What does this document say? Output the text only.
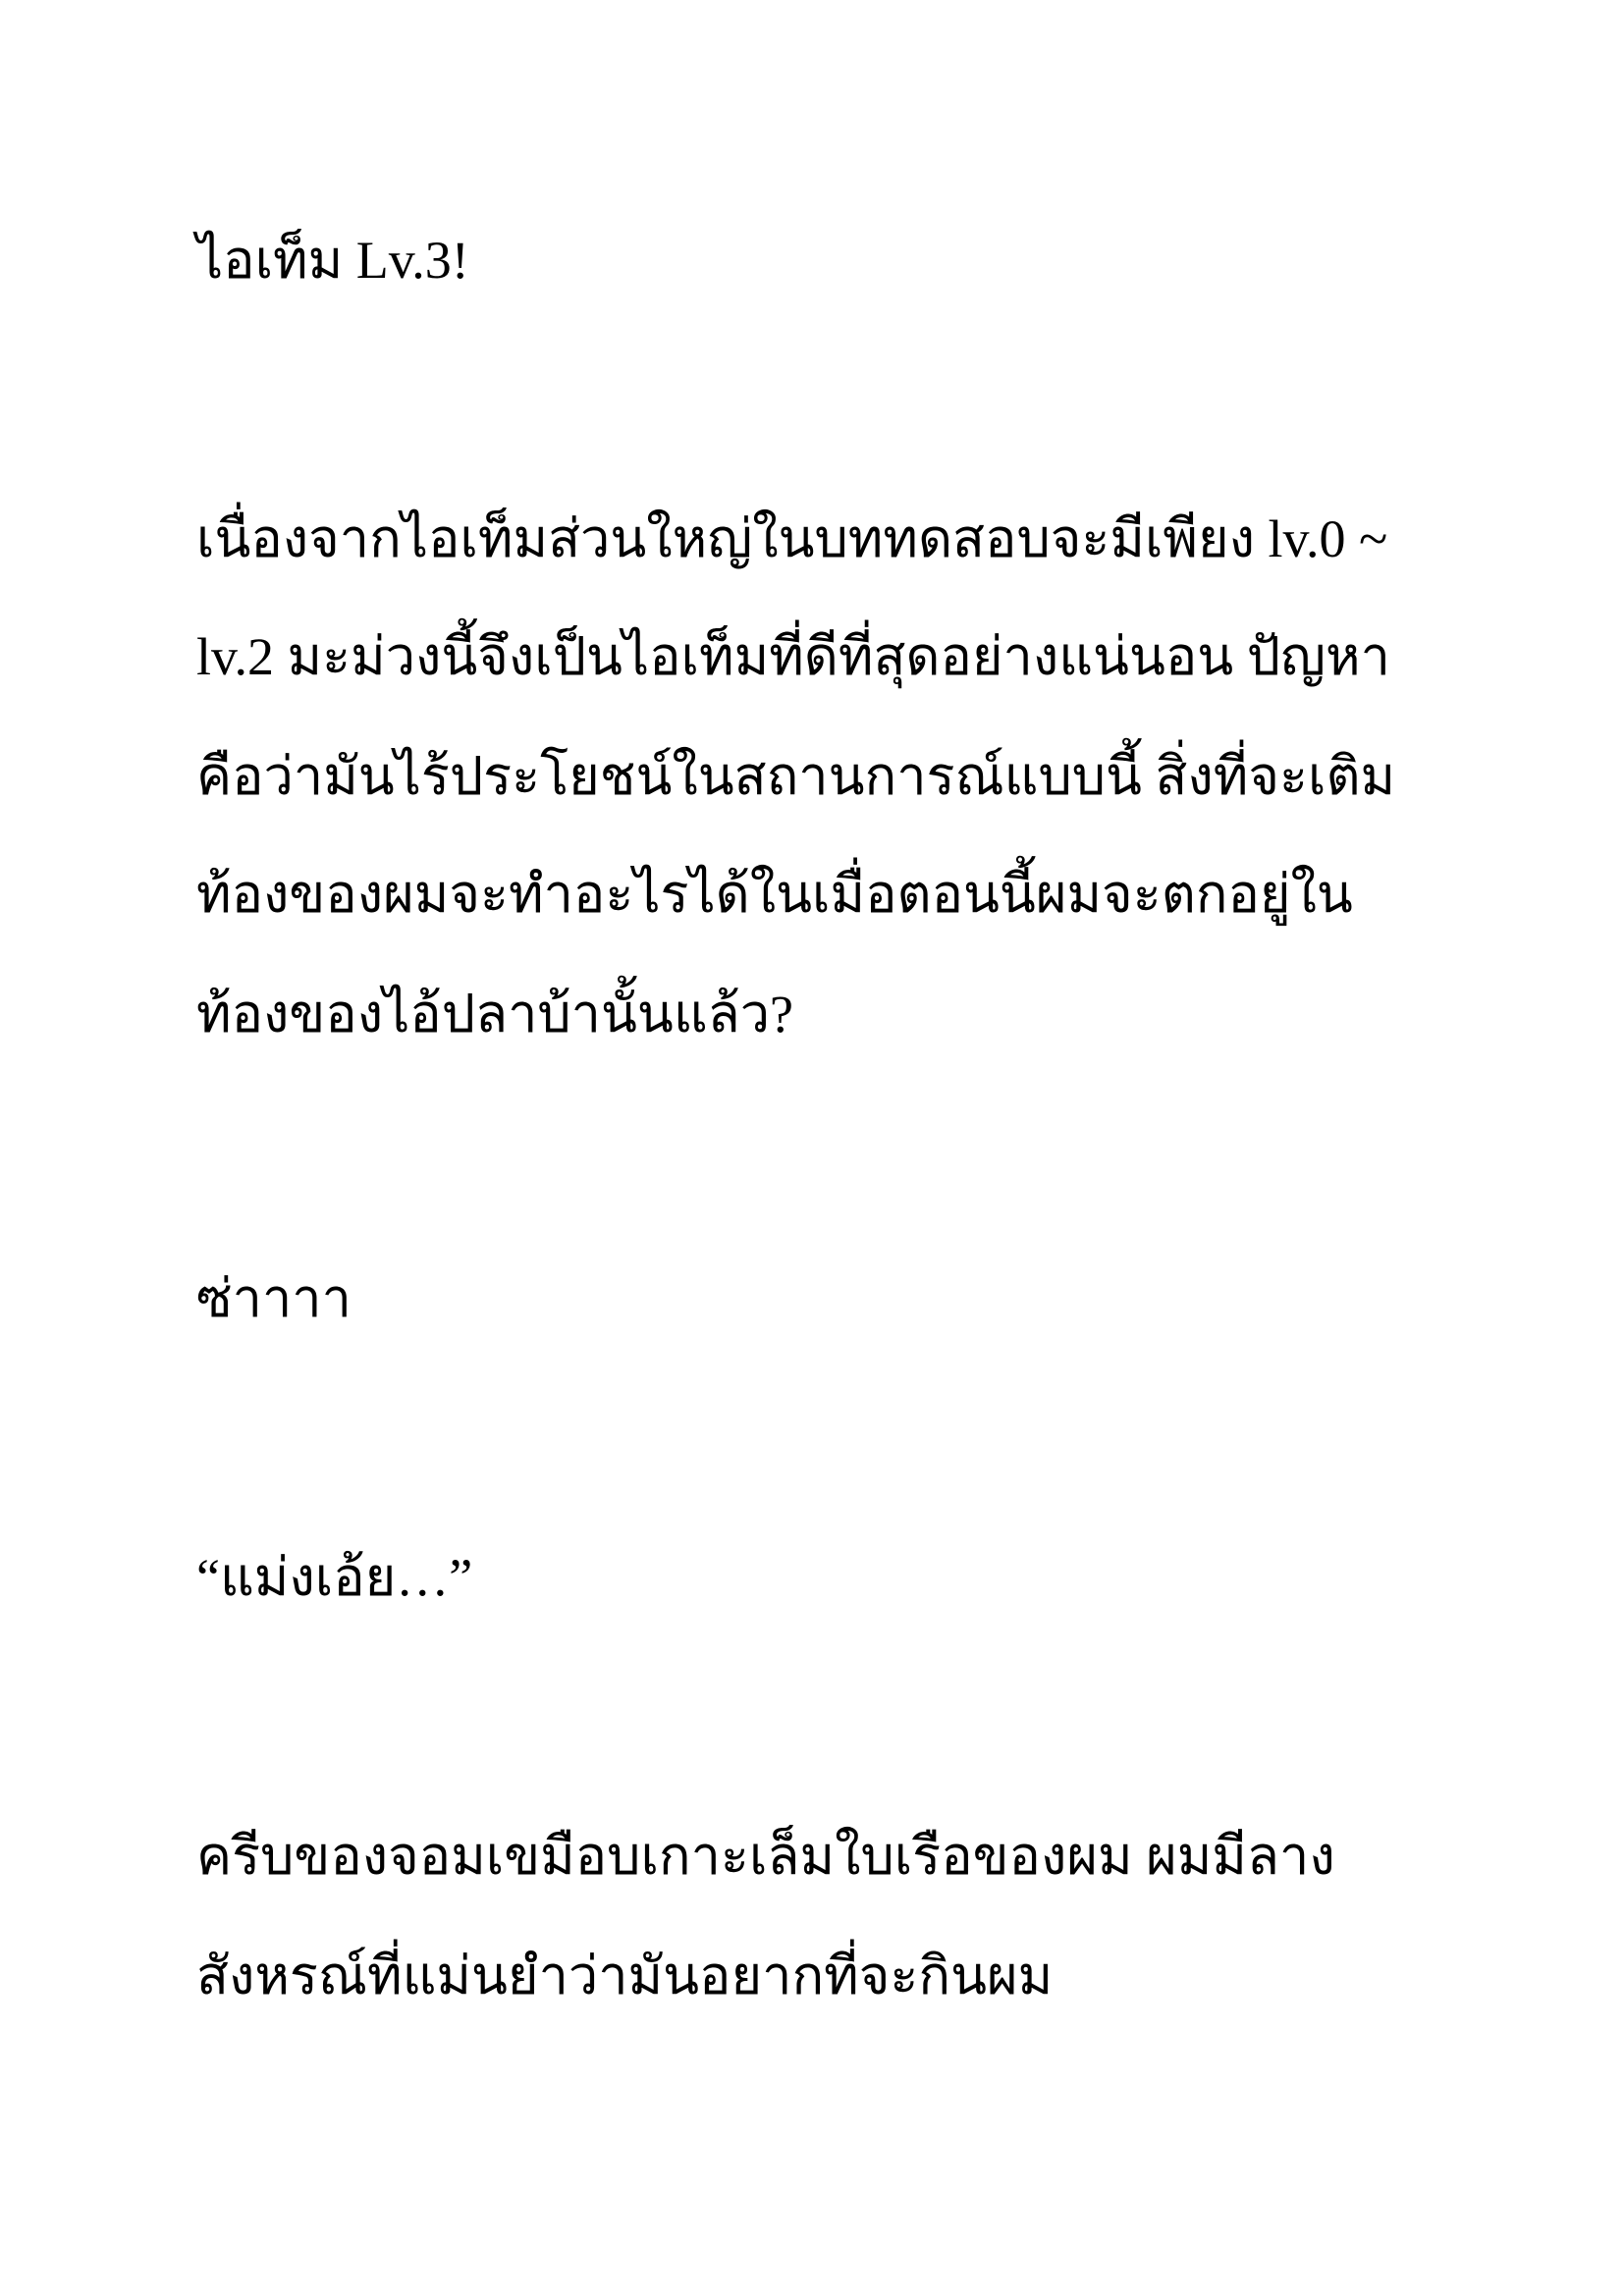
ไอเท็ม Lv.3!

เนื่องจากไอเท็มส่วนใหญ่ในบททดสอบจะมีเพียง lv.0 ~

lv.2 มะม่วงนี้จึงเป็นไอเท็มที่ดีที่สุดอย่างแน่นอน ปัญหา

คือว่ามันไร้ประโยชน์ในสถานการณ์แบบนี้ สิ่งที่จะเติม

ท้องของผมจะทำอะไรได้ในเมื่อตอนนี้ผมจะตกอยู่ใน

ท้องของไอ้ปลาบ้านั้นแล้ว?

ซ่าาาา

“แม่งเอ้ย…”

ครีบของจอมเขมือบเกาะเล็มใบเรือของผม ผมมีลาง

สังหรณ์ที่แม่นยำว่ามันอยากที่จะกินผม
